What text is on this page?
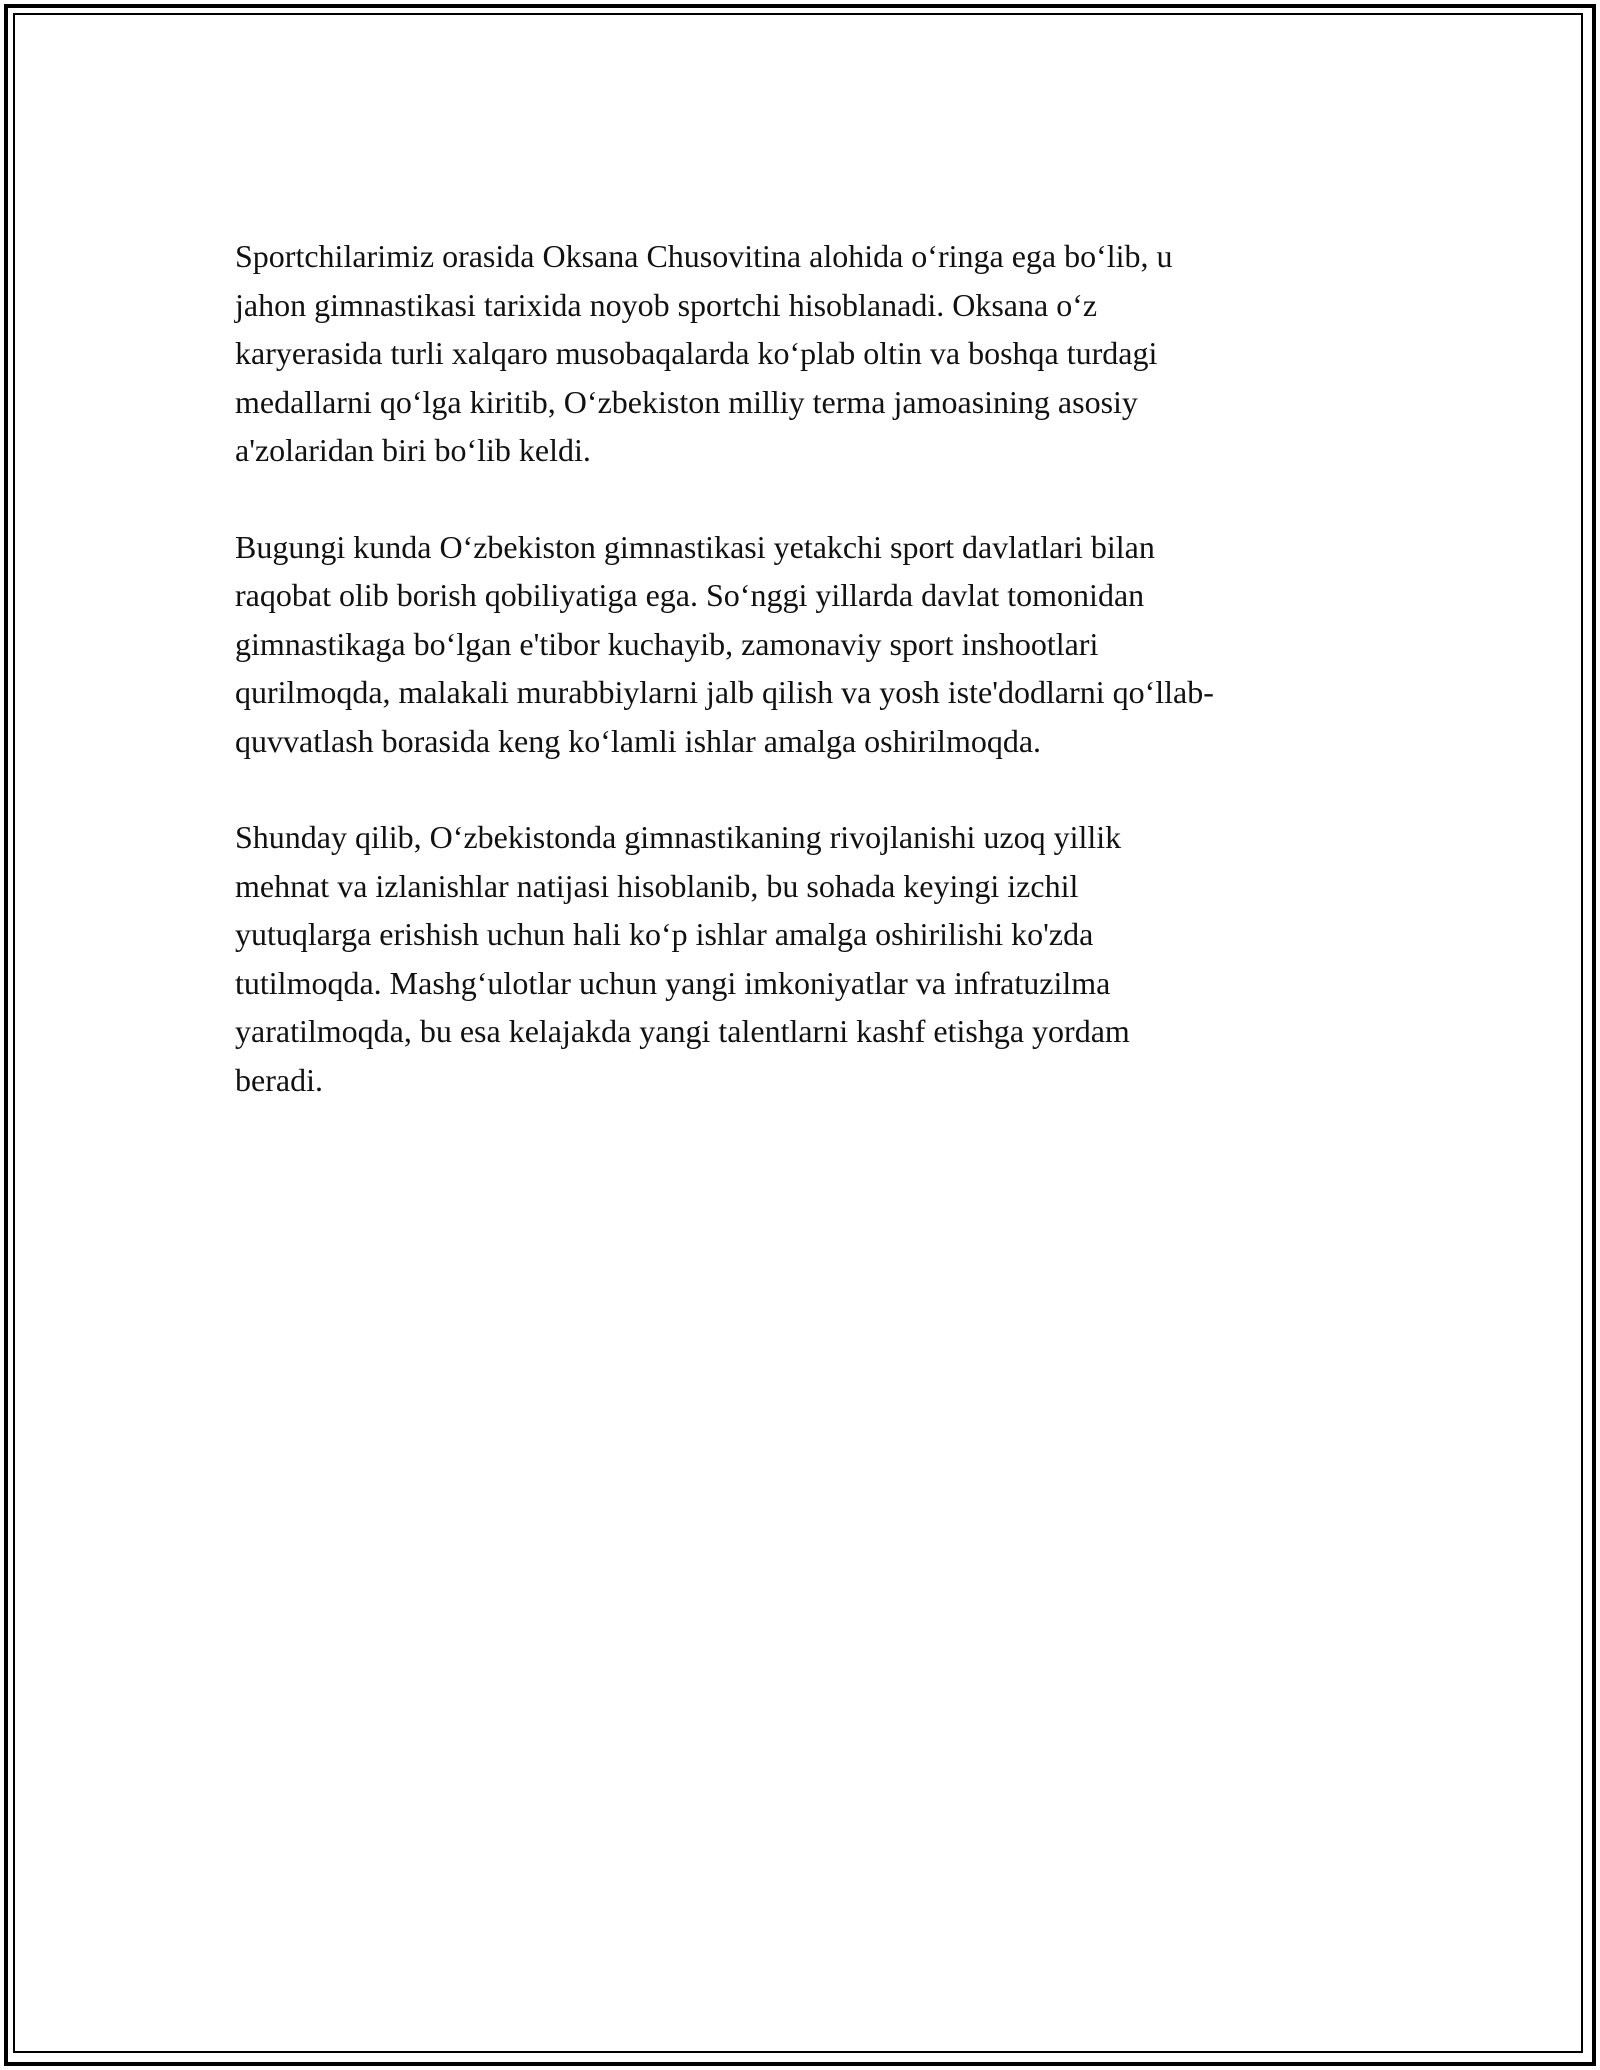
Sportchilarimiz orasida Oksana Chusovitina alohida o‘ringa ega bo‘lib, u
jahon gimnastikasi tarixida noyob sportchi hisoblanadi. Oksana o‘z
karyerasida turli xalqaro musobaqalarda ko‘plab oltin va boshqa turdagi
medallarni qo‘lga kiritib, O‘zbekiston milliy terma jamoasining asosiy
a'zolaridan biri bo‘lib keldi.

Bugungi kunda O‘zbekiston gimnastikasi yetakchi sport davlatlari bilan
raqobat olib borish qobiliyatiga ega. So‘nggi yillarda davlat tomonidan
gimnastikaga bo‘lgan e'tibor kuchayib, zamonaviy sport inshootlari
qurilmoqda, malakali murabbiylarni jalb qilish va yosh iste'dodlarni qo‘llab-
quvvatlash borasida keng ko‘lamli ishlar amalga oshirilmoqda.

Shunday qilib, O‘zbekistonda gimnastikaning rivojlanishi uzoq yillik
mehnat va izlanishlar natijasi hisoblanib, bu sohada keyingi izchil
yutuqlarga erishish uchun hali ko‘p ishlar amalga oshirilishi ko'zda
tutilmoqda. Mashg‘ulotlar uchun yangi imkoniyatlar va infratuzilma
yaratilmoqda, bu esa kelajakda yangi talentlarni kashf etishga yordam
beradi.
